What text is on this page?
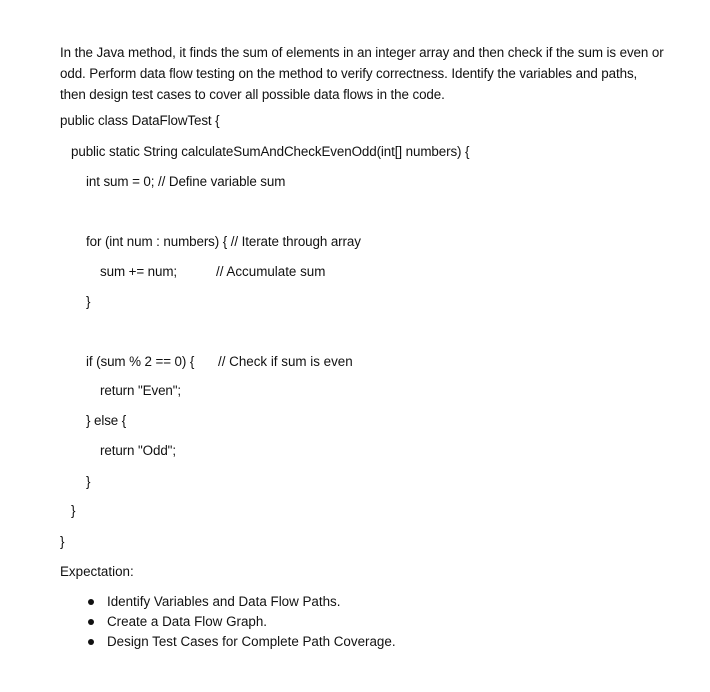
In the Java method, it finds the sum of elements in an integer array and then check if the sum is even or
odd. Perform data flow testing on the method to verify correctness. Identify the variables and paths,
then design test cases to cover all possible data flows in the code.
public class DataFlowTest {
public static String calculateSumAndCheckEvenOdd(int[] numbers) {
int sum = 0; // Define variable sum
for (int num : numbers) { // Iterate through array
sum += num;	// Accumulate sum
}
if (sum % 2 == 0) { // Check if sum is even
return "Even";
} else {
return "Odd";
}
}
}
Expectation:
Identify Variables and Data Flow Paths.
Create a Data Flow Graph.
Design Test Cases for Complete Path Coverage.
